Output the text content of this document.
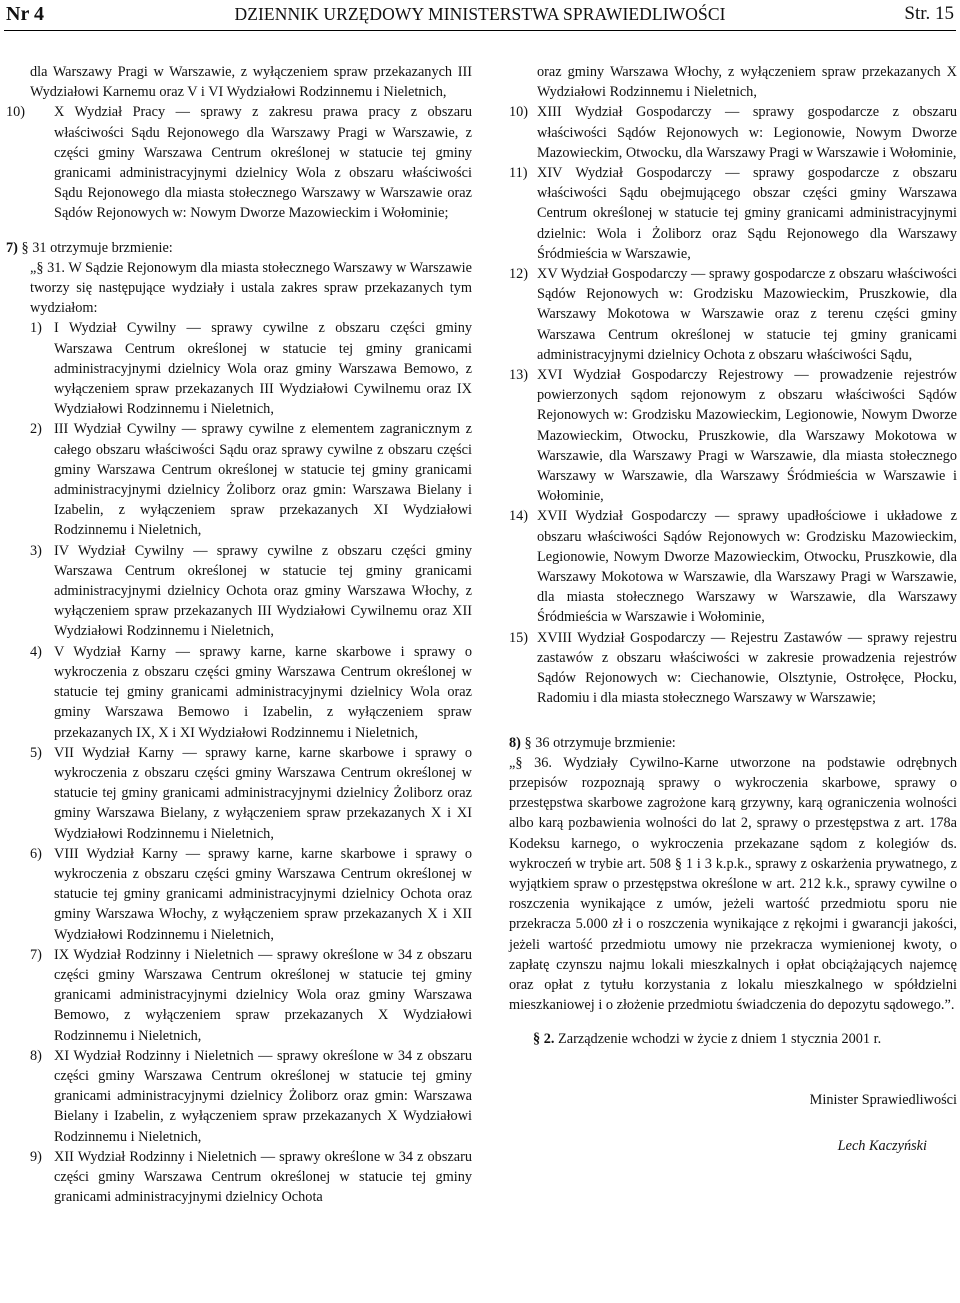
Nr 4	DZIENNIK URZĘDOWY MINISTERSTWA SPRAWIEDLIWOŚCI	Str. 15

dla Warszawy Pragi w Warszawie, z wyłączeniem spraw przekazanych III Wydziałowi Karnemu oraz V i VI Wydziałowi Rodzinnemu i Nieletnich,

10) X Wydział Pracy — sprawy z zakresu prawa pracy z obszaru właściwości Sądu Rejonowego dla Warszawy Pragi w Warszawie, z części gminy Warszawa Centrum określonej w statucie tej gminy granicami administracyjnymi dzielnicy Wola z obszaru właściwości Sądu Rejonowego dla miasta stołecznego Warszawy w Warszawie oraz Sądów Rejonowych w: Nowym Dworze Mazowieckim i Wołominie;

7) § 31 otrzymuje brzmienie:

„§ 31. W Sądzie Rejonowym dla miasta stołecznego Warszawy w Warszawie tworzy się następujące wydziały i ustala zakres spraw przekazanych tym wydziałom:

1) I Wydział Cywilny — sprawy cywilne z obszaru części gminy Warszawa Centrum określonej w statucie tej gminy granicami administracyjnymi dzielnicy Wola oraz gminy Warszawa Bemowo, z wyłączeniem spraw przekazanych III Wydziałowi Cywilnemu oraz IX Wydziałowi Rodzinnemu i Nieletnich,
2) III Wydział Cywilny — sprawy cywilne z elementem zagranicznym z całego obszaru właściwości Sądu oraz sprawy cywilne z obszaru części gminy Warszawa Centrum określonej w statucie tej gminy granicami administracyjnymi dzielnicy Żoliborz oraz gmin: Warszawa Bielany i Izabelin, z wyłączeniem spraw przekazanych XI Wydziałowi Rodzinnemu i Nieletnich,
3) IV Wydział Cywilny — sprawy cywilne z obszaru części gminy Warszawa Centrum określonej w statucie tej gminy granicami administracyjnymi dzielnicy Ochota oraz gminy Warszawa Włochy, z wyłączeniem spraw przekazanych III Wydziałowi Cywilnemu oraz XII Wydziałowi Rodzinnemu i Nieletnich,
4) V Wydział Karny — sprawy karne, karne skarbowe i sprawy o wykroczenia z obszaru części gminy Warszawa Centrum określonej w statucie tej gminy granicami administracyjnymi dzielnicy Wola oraz gminy Warszawa Bemowo i Izabelin, z wyłączeniem spraw przekazanych IX, X i XI Wydziałowi Rodzinnemu i Nieletnich,
5) VII Wydział Karny — sprawy karne, karne skarbowe i sprawy o wykroczenia z obszaru części gminy Warszawa Centrum określonej w statucie tej gminy granicami administracyjnymi dzielnicy Żoliborz oraz gminy Warszawa Bielany, z wyłączeniem spraw przekazanych X i XI Wydziałowi Rodzinnemu i Nieletnich,
6) VIII Wydział Karny — sprawy karne, karne skarbowe i sprawy o wykroczenia z obszaru części gminy Warszawa Centrum określonej w statucie tej gminy granicami administracyjnymi dzielnicy Ochota oraz gminy Warszawa Włochy, z wyłączeniem spraw przekazanych X i XII Wydziałowi Rodzinnemu i Nieletnich,
7) IX Wydział Rodzinny i Nieletnich — sprawy określone w 34 z obszaru części gminy Warszawa Centrum określonej w statucie tej gminy granicami administracyjnymi dzielnicy Wola oraz gminy Warszawa Bemowo, z wyłączeniem spraw przekazanych X Wydziałowi Rodzinnemu i Nieletnich,
8) XI Wydział Rodzinny i Nieletnich — sprawy określone w 34 z obszaru części gminy Warszawa Centrum określonej w statucie tej gminy granicami administracyjnymi dzielnicy Żoliborz oraz gmin: Warszawa Bielany i Izabelin, z wyłączeniem spraw przekazanych X Wydziałowi Rodzinnemu i Nieletnich,
9) XII Wydział Rodzinny i Nieletnich — sprawy określone w 34 z obszaru części gminy Warszawa Centrum określonej w statucie tej gminy granicami administracyjnymi dzielnicy Ochota

oraz gminy Warszawa Włochy, z wyłączeniem spraw przekazanych X Wydziałowi Rodzinnemu i Nieletnich,

10) XIII Wydział Gospodarczy — sprawy gospodarcze z obszaru właściwości Sądów Rejonowych w: Legionowie, Nowym Dworze Mazowieckim, Otwocku, dla Warszawy Pragi w Warszawie i Wołominie,
11) XIV Wydział Gospodarczy — sprawy gospodarcze z obszaru właściwości Sądu obejmującego obszar części gminy Warszawa Centrum określonej w statucie tej gminy granicami administracyjnymi dzielnic: Wola i Żoliborz oraz Sądu Rejonowego dla Warszawy Śródmieścia w Warszawie,
12) XV Wydział Gospodarczy — sprawy gospodarcze z obszaru właściwości Sądów Rejonowych w: Grodzisku Mazowieckim, Pruszkowie, dla Warszawy Mokotowa w Warszawie oraz z terenu części gminy Warszawa Centrum określonej w statucie tej gminy granicami administracyjnymi dzielnicy Ochota z obszaru właściwości Sądu,
13) XVI Wydział Gospodarczy Rejestrowy — prowadzenie rejestrów powierzonych sądom rejonowym z obszaru właściwości Sądów Rejonowych w: Grodzisku Mazowieckim, Legionowie, Nowym Dworze Mazowieckim, Otwocku, Pruszkowie, dla Warszawy Mokotowa w Warszawie, dla Warszawy Pragi w Warszawie, dla miasta stołecznego Warszawy w Warszawie, dla Warszawy Śródmieścia w Warszawie i Wołominie,
14) XVII Wydział Gospodarczy — sprawy upadłościowe i układowe z obszaru właściwości Sądów Rejonowych w: Grodzisku Mazowieckim, Legionowie, Nowym Dworze Mazowieckim, Otwocku, Pruszkowie, dla Warszawy Mokotowa w Warszawie, dla Warszawy Pragi w Warszawie, dla miasta stołecznego Warszawy w Warszawie, dla Warszawy Śródmieścia w Warszawie i Wołominie,
15) XVIII Wydział Gospodarczy — Rejestru Zastawów — sprawy rejestru zastawów z obszaru właściwości w zakresie prowadzenia rejestrów Sądów Rejonowych w: Ciechanowie, Olsztynie, Ostrołęce, Płocku, Radomiu i dla miasta stołecznego Warszawy w Warszawie;

8) § 36 otrzymuje brzmienie:

„§ 36. Wydziały Cywilno-Karne utworzone na podstawie odrębnych przepisów rozpoznają sprawy o wykroczenia skarbowe, sprawy o przestępstwa skarbowe zagrożone karą grzywny, karą ograniczenia wolności albo karą pozbawienia wolności do lat 2, sprawy o przestępstwa z art. 178a Kodeksu karnego, o wykroczenia przekazane sądom z kolegiów ds. wykroczeń w trybie art. 508 § 1 i 3 k.p.k., sprawy z oskarżenia prywatnego, z wyjątkiem spraw o przestępstwa określone w art. 212 k.k., sprawy cywilne o roszczenia wynikające z umów, jeżeli wartość przedmiotu sporu nie przekracza 5.000 zł i o roszczenia wynikające z rękojmi i gwarancji jakości, jeżeli wartość przedmiotu umowy nie przekracza wymienionej kwoty, o zapłatę czynszu najmu lokali mieszkalnych i opłat obciążających najemcę oraz opłat z tytułu korzystania z lokalu mieszkalnego w spółdzielni mieszkaniowej i o złożenie przedmiotu świadczenia do depozytu sądowego.”.

§ 2. Zarządzenie wchodzi w życie z dniem 1 stycznia 2001 r.

Minister Sprawiedliwości

Lech Kaczyński
